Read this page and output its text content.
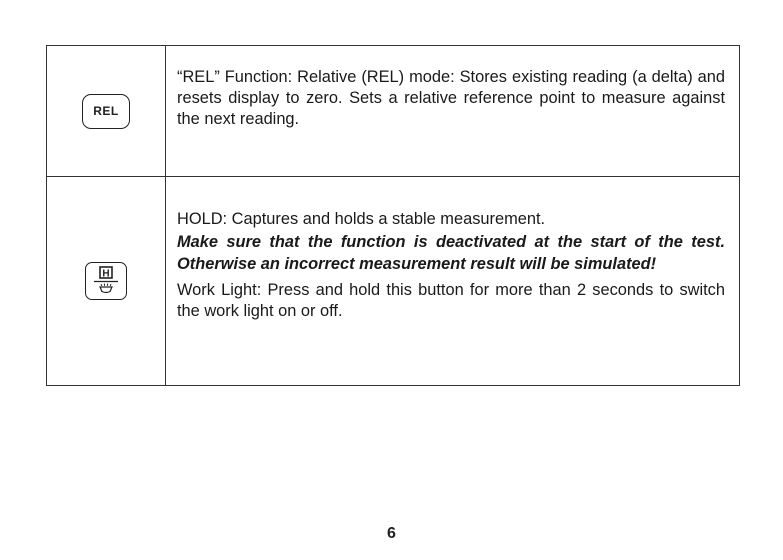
REL	“REL” Function: Relative (REL) mode: Stores existing reading (a delta) and resets display to zero. Sets a relative reference point to measure against the next reading.

H	HOLD: Captures and holds a stable measurement.

Make sure that the function is deactivated at the start of the test. Otherwise an incorrect measurement result will be simulated!

Work Light: Press and hold this button for more than 2 seconds to switch the work light on or off.

6
